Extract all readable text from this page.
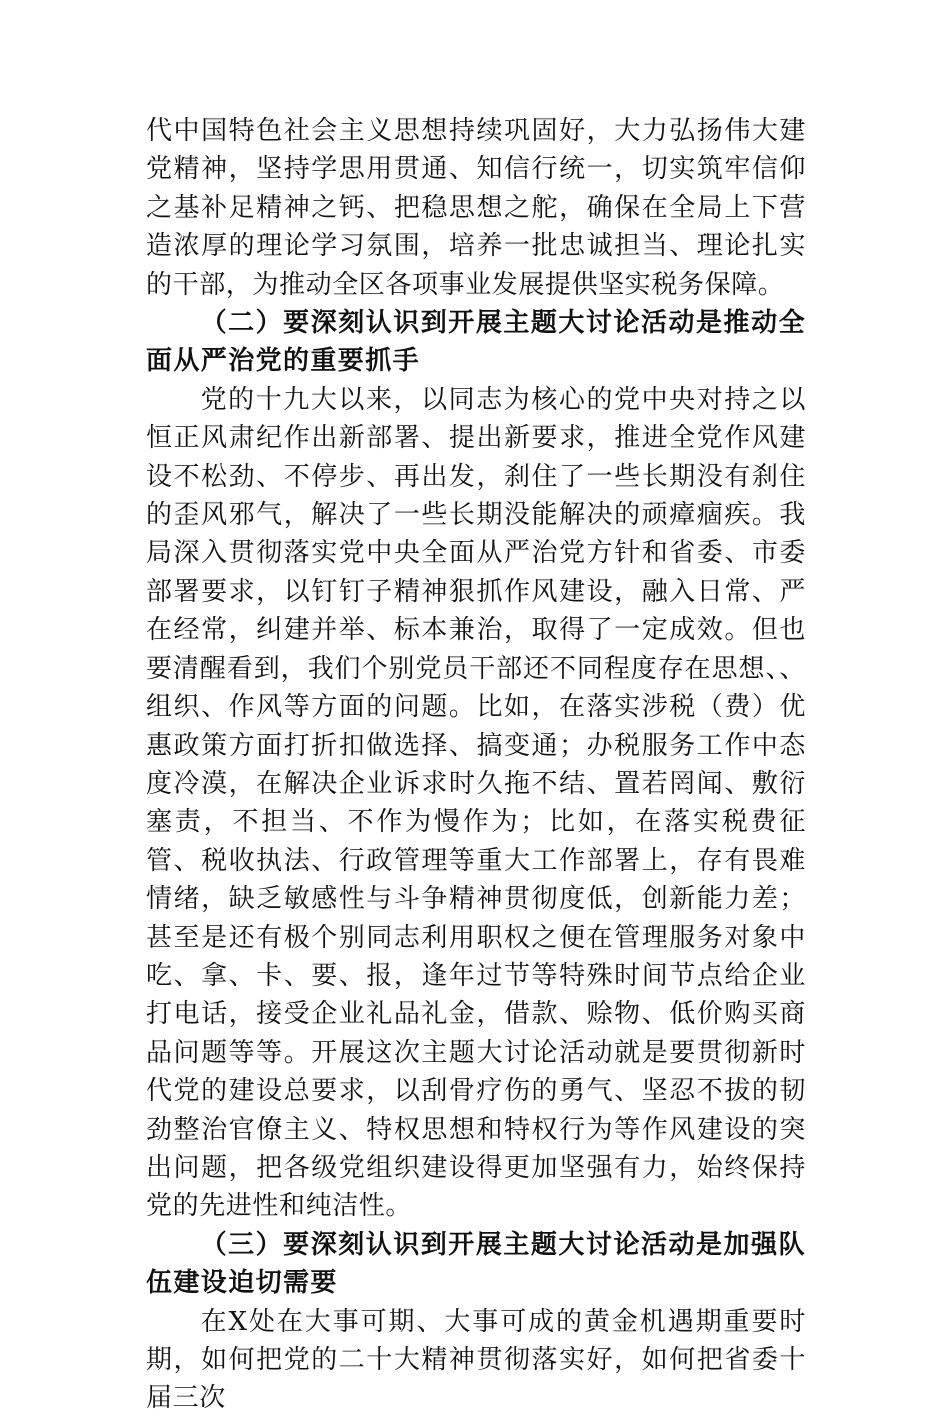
代中国特色社会主义思想持续巩固好，大力弘扬伟大建党精神，坚持学思用贯通、知信行统一，切实筑牢信仰之基补足精神之钙、把稳思想之舵，确保在全局上下营造浓厚的理论学习氛围，培养一批忠诚担当、理论扎实的干部，为推动全区各项事业发展提供坚实税务保障。

（二）要深刻认识到开展主题大讨论活动是推动全面从严治党的重要抓手

党的十九大以来，以同志为核心的党中央对持之以恒正风肃纪作出新部署、提出新要求，推进全党作风建设不松劲、不停步、再出发，刹住了一些长期没有刹住的歪风邪气，解决了一些长期没能解决的顽瘴痼疾。我局深入贯彻落实党中央全面从严治党方针和省委、市委部署要求，以钉钉子精神狠抓作风建设，融入日常、严在经常，纠建并举、标本兼治，取得了一定成效。但也要清醒看到，我们个别党员干部还不同程度存在思想、、组织、作风等方面的问题。比如，在落实涉税（费）优惠政策方面打折扣做选择、搞变通；办税服务工作中态度冷漠，在解决企业诉求时久拖不结、置若罔闻、敷衍塞责，不担当、不作为慢作为；比如，在落实税费征管、税收执法、行政管理等重大工作部署上，存有畏难情绪，缺乏敏感性与斗争精神贯彻度低，创新能力差；甚至是还有极个别同志利用职权之便在管理服务对象中吃、拿、卡、要、报，逢年过节等特殊时间节点给企业打电话，接受企业礼品礼金，借款、赊物、低价购买商品问题等等。开展这次主题大讨论活动就是要贯彻新时代党的建设总要求，以刮骨疗伤的勇气、坚忍不拔的韧劲整治官僚主义、特权思想和特权行为等作风建设的突出问题，把各级党组织建设得更加坚强有力，始终保持党的先进性和纯洁性。

（三）要深刻认识到开展主题大讨论活动是加强队伍建设迫切需要

在X处在大事可期、大事可成的黄金机遇期重要时期，如何把党的二十大精神贯彻落实好，如何把省委十届三次
